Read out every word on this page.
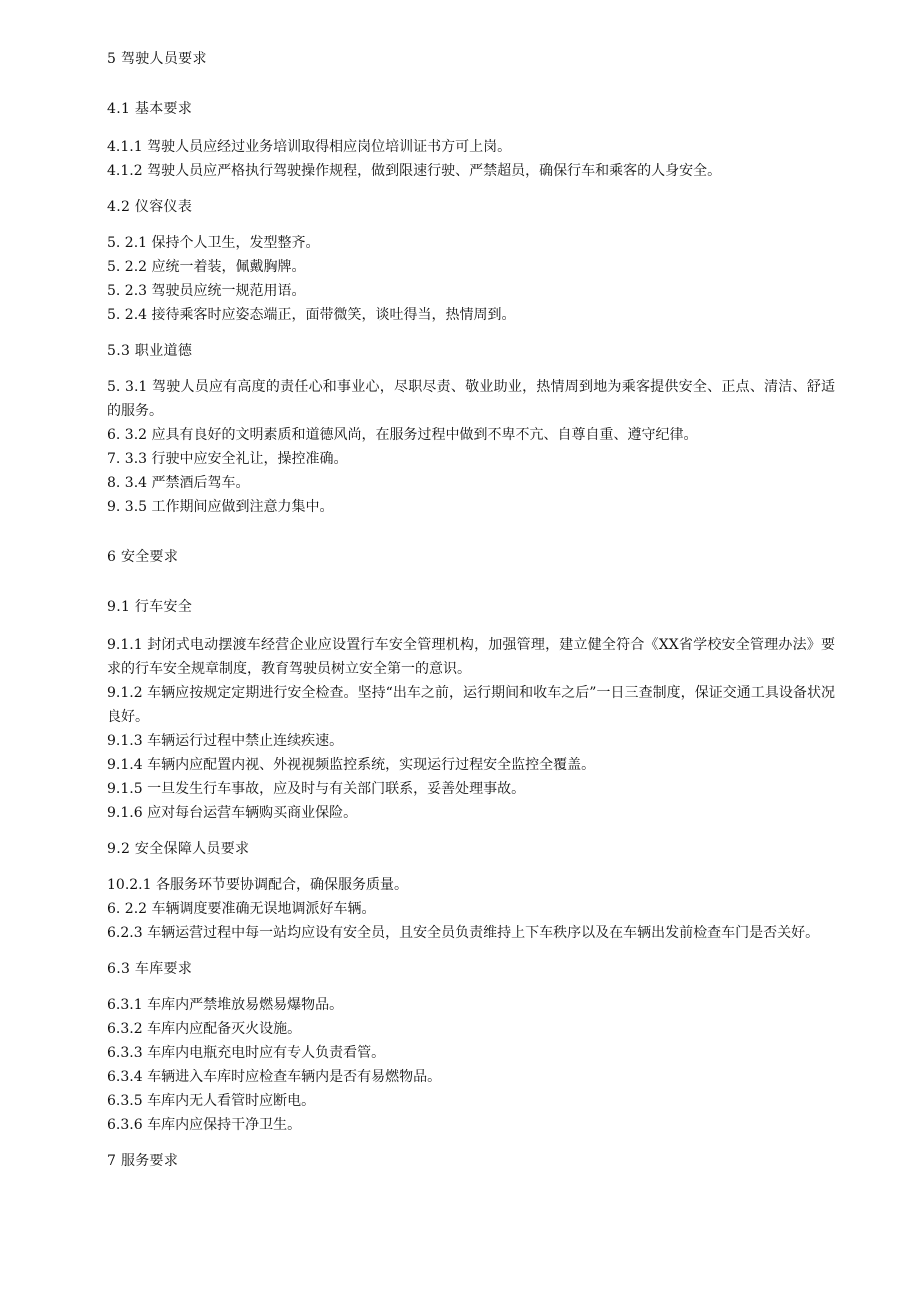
5 驾驶人员要求

4.1 基本要求

4.1.1 驾驶人员应经过业务培训取得相应岗位培训证书方可上岗。

4.1.2 驾驶人员应严格执行驾驶操作规程，做到限速行驶、严禁超员，确保行车和乘客的人身安全。

4.2 仪容仪表

5. 2.1 保持个人卫生，发型整齐。

5. 2.2 应统一着装，佩戴胸牌。

5. 2.3 驾驶员应统一规范用语。

5. 2.4 接待乘客时应姿态端正，面带微笑，谈吐得当，热情周到。

5.3 职业道德

5. 3.1 驾驶人员应有高度的责任心和事业心，尽职尽责、敬业助业，热情周到地为乘客提供安全、正点、清洁、舒适的服务。

6. 3.2 应具有良好的文明素质和道德风尚，在服务过程中做到不卑不亢、自尊自重、遵守纪律。

7. 3.3 行驶中应安全礼让，操控准确。

8. 3.4 严禁酒后驾车。

9. 3.5 工作期间应做到注意力集中。

6 安全要求

9.1 行车安全

9.1.1 封闭式电动摆渡车经营企业应设置行车安全管理机构，加强管理，建立健全符合《XX省学校安全管理办法》要求的行车安全规章制度，教育驾驶员树立安全第一的意识。

9.1.2 车辆应按规定定期进行安全检查。坚持“出车之前，运行期间和收车之后”一日三查制度，保证交通工具设备状况良好。

9.1.3 车辆运行过程中禁止连续疾速。

9.1.4 车辆内应配置内视、外视视频监控系统，实现运行过程安全监控全覆盖。

9.1.5 一旦发生行车事故，应及时与有关部门联系，妥善处理事故。

9.1.6 应对每台运营车辆购买商业保险。

9.2 安全保障人员要求

10.2.1 各服务环节要协调配合，确保服务质量。

6. 2.2 车辆调度要准确无误地调派好车辆。

6.2.3 车辆运营过程中每一站均应设有安全员，且安全员负责维持上下车秩序以及在车辆出发前检查车门是否关好。

6.3 车库要求

6.3.1 车库内严禁堆放易燃易爆物品。

6.3.2 车库内应配备灭火设施。

6.3.3 车库内电瓶充电时应有专人负责看管。

6.3.4 车辆进入车库时应检查车辆内是否有易燃物品。

6.3.5 车库内无人看管时应断电。

6.3.6 车库内应保持干净卫生。

7 服务要求
